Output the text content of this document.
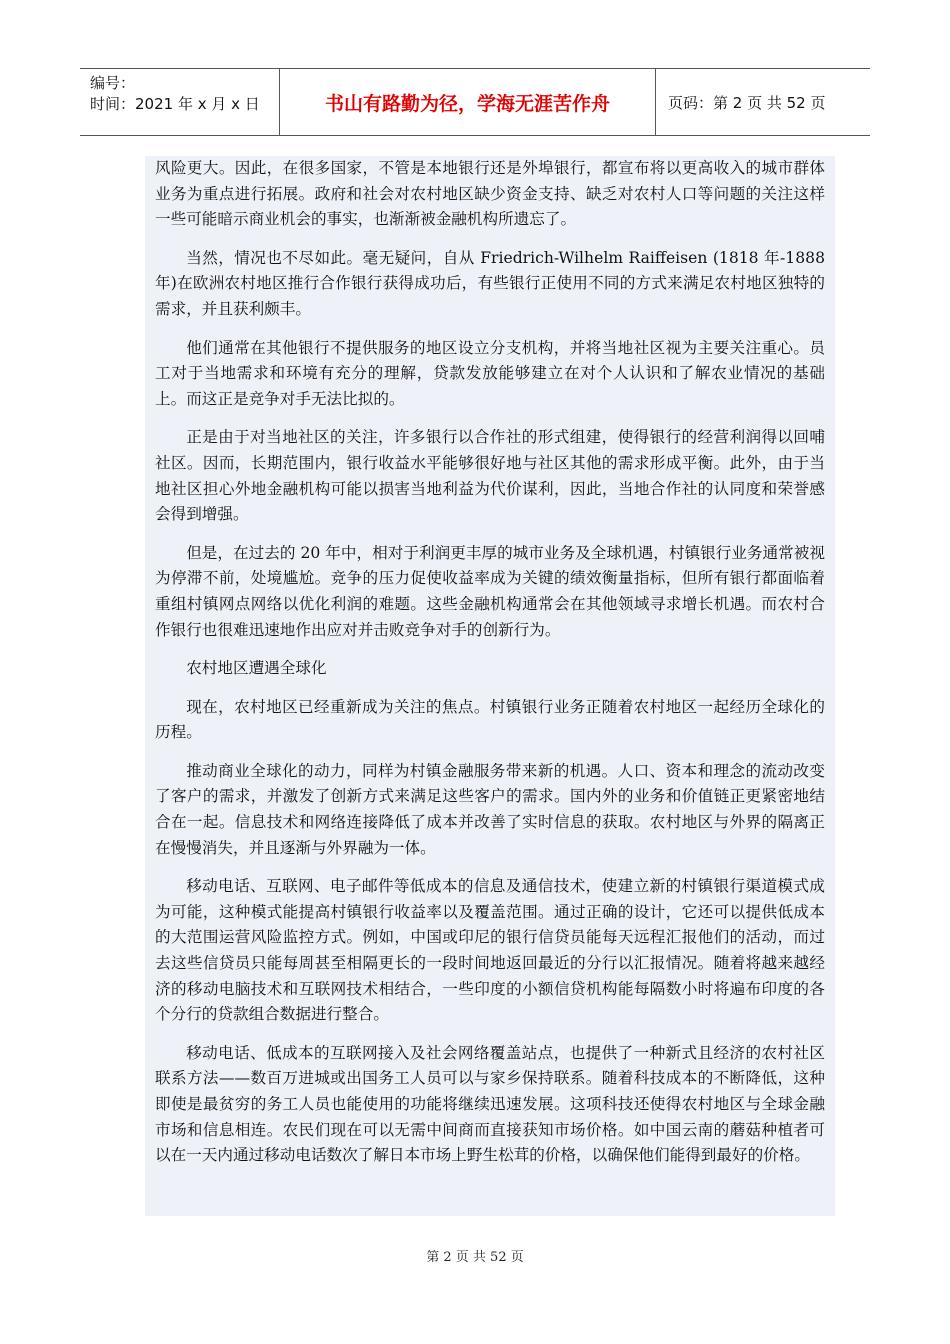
编号：
时间：2021 年 x 月 x 日	书山有路勤为径，学海无涯苦作舟	页码：第 2 页 共 52 页

风险更大。因此，在很多国家，不管是本地银行还是外埠银行，都宣布将以更高收入的城市群体业务为重点进行拓展。政府和社会对农村地区缺少资金支持、缺乏对农村人口等问题的关注这样一些可能暗示商业机会的事实，也渐渐被金融机构所遗忘了。

当然，情况也不尽如此。毫无疑问，自从 Friedrich-Wilhelm Raiffeisen (1818 年-1888 年)在欧洲农村地区推行合作银行获得成功后，有些银行正使用不同的方式来满足农村地区独特的需求，并且获利颇丰。

他们通常在其他银行不提供服务的地区设立分支机构，并将当地社区视为主要关注重心。员工对于当地需求和环境有充分的理解，贷款发放能够建立在对个人认识和了解农业情况的基础上。而这正是竞争对手无法比拟的。

正是由于对当地社区的关注，许多银行以合作社的形式组建，使得银行的经营利润得以回哺社区。因而，长期范围内，银行收益水平能够很好地与社区其他的需求形成平衡。此外，由于当地社区担心外地金融机构可能以损害当地利益为代价谋利，因此，当地合作社的认同度和荣誉感会得到增强。

但是，在过去的 20 年中，相对于利润更丰厚的城市业务及全球机遇，村镇银行业务通常被视为停滞不前，处境尴尬。竞争的压力促使收益率成为关键的绩效衡量指标，但所有银行都面临着重组村镇网点网络以优化利润的难题。这些金融机构通常会在其他领域寻求增长机遇。而农村合作银行也很难迅速地作出应对并击败竞争对手的创新行为。

农村地区遭遇全球化

现在，农村地区已经重新成为关注的焦点。村镇银行业务正随着农村地区一起经历全球化的历程。

推动商业全球化的动力，同样为村镇金融服务带来新的机遇。人口、资本和理念的流动改变了客户的需求，并激发了创新方式来满足这些客户的需求。国内外的业务和价值链正更紧密地结合在一起。信息技术和网络连接降低了成本并改善了实时信息的获取。农村地区与外界的隔离正在慢慢消失，并且逐渐与外界融为一体。

移动电话、互联网、电子邮件等低成本的信息及通信技术，使建立新的村镇银行渠道模式成为可能，这种模式能提高村镇银行收益率以及覆盖范围。通过正确的设计，它还可以提供低成本的大范围运营风险监控方式。例如，中国或印尼的银行信贷员能每天远程汇报他们的活动，而过去这些信贷员只能每周甚至相隔更长的一段时间地返回最近的分行以汇报情况。随着将越来越经济的移动电脑技术和互联网技术相结合，一些印度的小额信贷机构能每隔数小时将遍布印度的各个分行的贷款组合数据进行整合。

移动电话、低成本的互联网接入及社会网络覆盖站点，也提供了一种新式且经济的农村社区联系方法——数百万进城或出国务工人员可以与家乡保持联系。随着科技成本的不断降低，这种即使是最贫穷的务工人员也能使用的功能将继续迅速发展。这项科技还使得农村地区与全球金融市场和信息相连。农民们现在可以无需中间商而直接获知市场价格。如中国云南的蘑菇种植者可以在一天内通过移动电话数次了解日本市场上野生松茸的价格，以确保他们能得到最好的价格。

第 2 页 共 52 页
